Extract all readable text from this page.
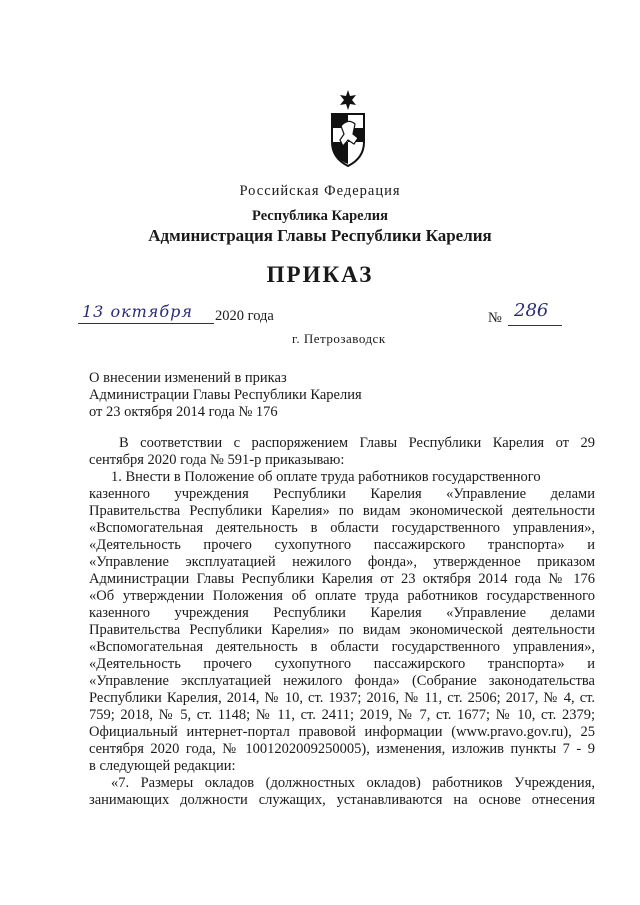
Российская Федерация
Республика Карелия
Администрация Главы Республики Карелия
ПРИКАЗ
13 октября	2020 года	№ 286
г. Петрозаводск
О внесении изменений в приказ
Администрации Главы Республики Карелия
от 23 октября 2014 года № 176
В соответствии с распоряжением Главы Республики Карелия от 29
сентября 2020 года № 591-р приказываю:
1. Внести в Положение об оплате труда работников государственного
казенного учреждения Республики Карелия «Управление делами
Правительства Республики Карелия» по видам экономической деятельности
«Вспомогательная деятельность в области государственного управления»,
«Деятельность прочего сухопутного пассажирского транспорта» и
«Управление эксплуатацией нежилого фонда», утвержденное приказом
Администрации Главы Республики Карелия от 23 октября 2014 года № 176
«Об утверждении Положения об оплате труда работников государственного
казенного учреждения Республики Карелия «Управление делами
Правительства Республики Карелия» по видам экономической деятельности
«Вспомогательная деятельность в области государственного управления»,
«Деятельность прочего сухопутного пассажирского транспорта» и
«Управление эксплуатацией нежилого фонда» (Собрание законодательства
Республики Карелия, 2014, № 10, ст. 1937; 2016, № 11, ст. 2506; 2017, № 4, ст.
759; 2018, № 5, ст. 1148; № 11, ст. 2411; 2019, № 7, ст. 1677; № 10, ст. 2379;
Официальный интернет-портал правовой информации (www.pravo.gov.ru), 25
сентября 2020 года, № 1001202009250005), изменения, изложив пункты 7 - 9
в следующей редакции:
«7. Размеры окладов (должностных окладов) работников Учреждения,
занимающих должности служащих, устанавливаются на основе отнесения
